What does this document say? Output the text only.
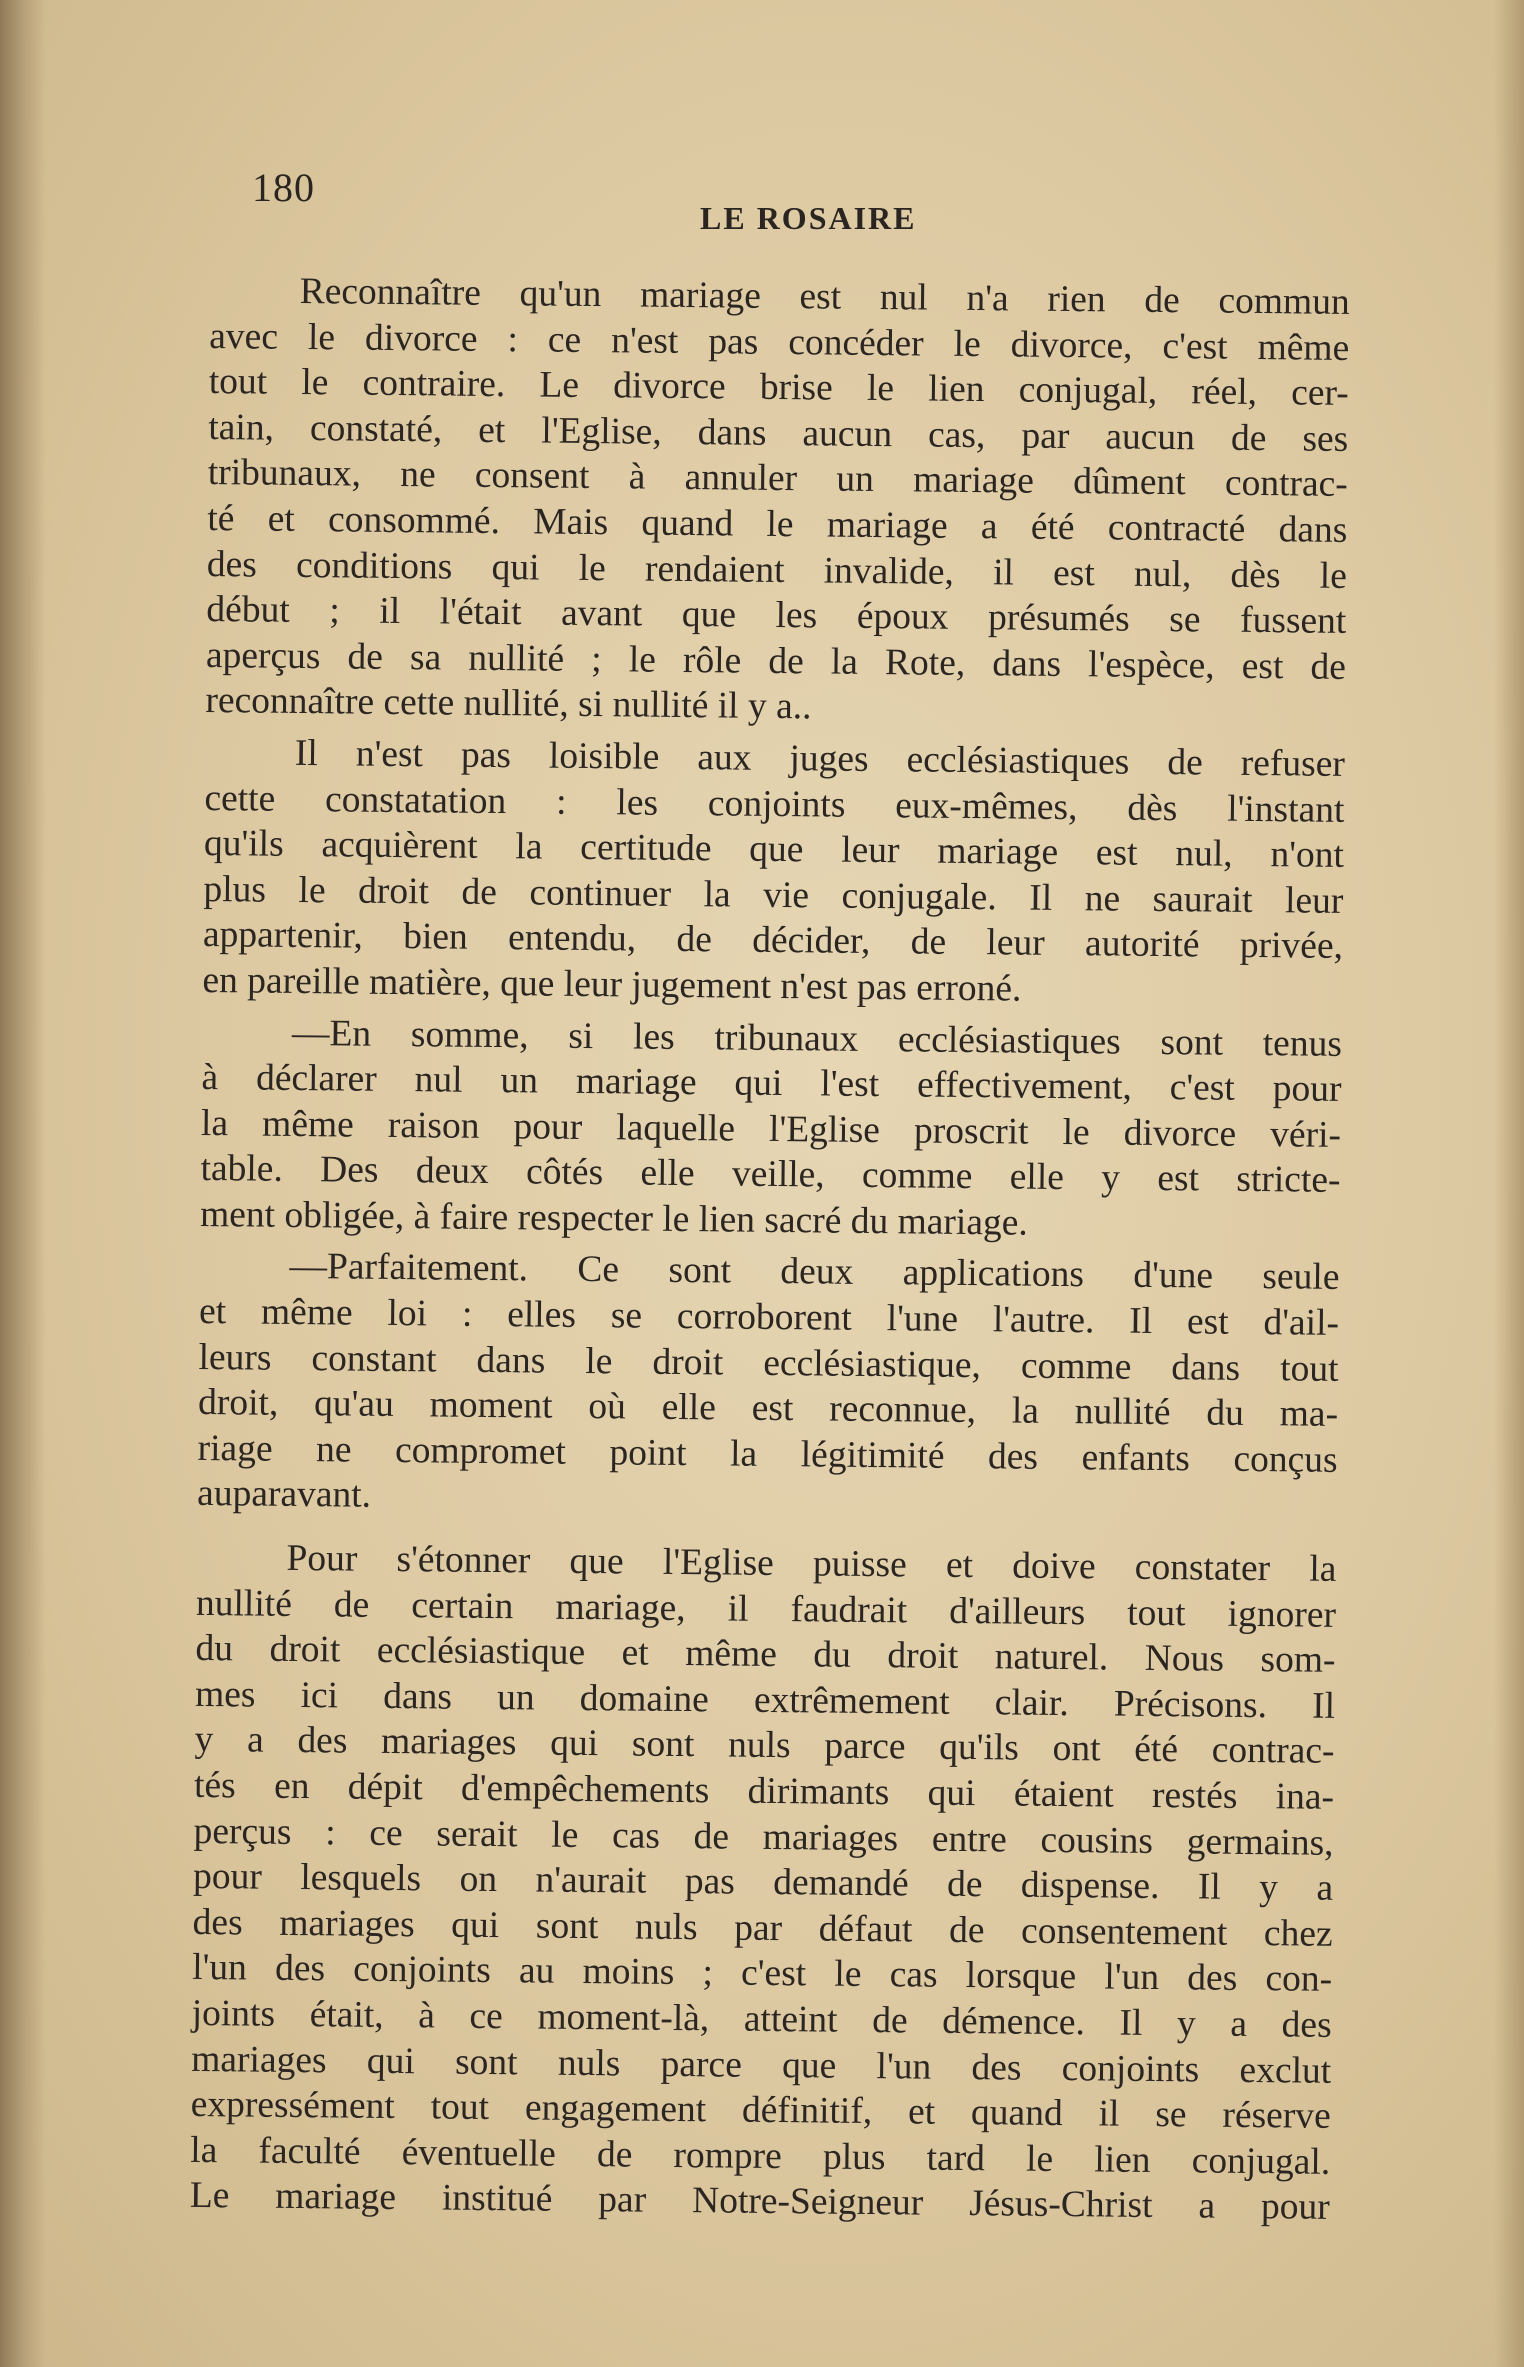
180
LE ROSAIRE
Reconnaître qu'un mariage est nul n'a rien de commun
avec le divorce : ce n'est pas concéder le divorce, c'est même
tout le contraire. Le divorce brise le lien conjugal, réel, cer-
tain, constaté, et l'Eglise, dans aucun cas, par aucun de ses
tribunaux, ne consent à annuler un mariage dûment contrac-
té et consommé. Mais quand le mariage a été contracté dans
des conditions qui le rendaient invalide, il est nul, dès le
début ; il l'était avant que les époux présumés se fussent
aperçus de sa nullité ; le rôle de la Rote, dans l'espèce, est de
reconnaître cette nullité, si nullité il y a..
Il n'est pas loisible aux juges ecclésiastiques de refuser
cette constatation : les conjoints eux-mêmes, dès l'instant
qu'ils acquièrent la certitude que leur mariage est nul, n'ont
plus le droit de continuer la vie conjugale. Il ne saurait leur
appartenir, bien entendu, de décider, de leur autorité privée,
en pareille matière, que leur jugement n'est pas erroné.
—En somme, si les tribunaux ecclésiastiques sont tenus
à déclarer nul un mariage qui l'est effectivement, c'est pour
la même raison pour laquelle l'Eglise proscrit le divorce véri-
table. Des deux côtés elle veille, comme elle y est stricte-
ment obligée, à faire respecter le lien sacré du mariage.
—Parfaitement. Ce sont deux applications d'une seule
et même loi : elles se corroborent l'une l'autre. Il est d'ail-
leurs constant dans le droit ecclésiastique, comme dans tout
droit, qu'au moment où elle est reconnue, la nullité du ma-
riage ne compromet point la légitimité des enfants conçus
auparavant.
Pour s'étonner que l'Eglise puisse et doive constater la
nullité de certain mariage, il faudrait d'ailleurs tout ignorer
du droit ecclésiastique et même du droit naturel. Nous som-
mes ici dans un domaine extrêmement clair. Précisons. Il
y a des mariages qui sont nuls parce qu'ils ont été contrac-
tés en dépit d'empêchements dirimants qui étaient restés ina-
perçus : ce serait le cas de mariages entre cousins germains,
pour lesquels on n'aurait pas demandé de dispense. Il y a
des mariages qui sont nuls par défaut de consentement chez
l'un des conjoints au moins ; c'est le cas lorsque l'un des con-
joints était, à ce moment-là, atteint de démence. Il y a des
mariages qui sont nuls parce que l'un des conjoints exclut
expressément tout engagement définitif, et quand il se réserve
la faculté éventuelle de rompre plus tard le lien conjugal.
Le mariage institué par Notre-Seigneur Jésus-Christ a pour
